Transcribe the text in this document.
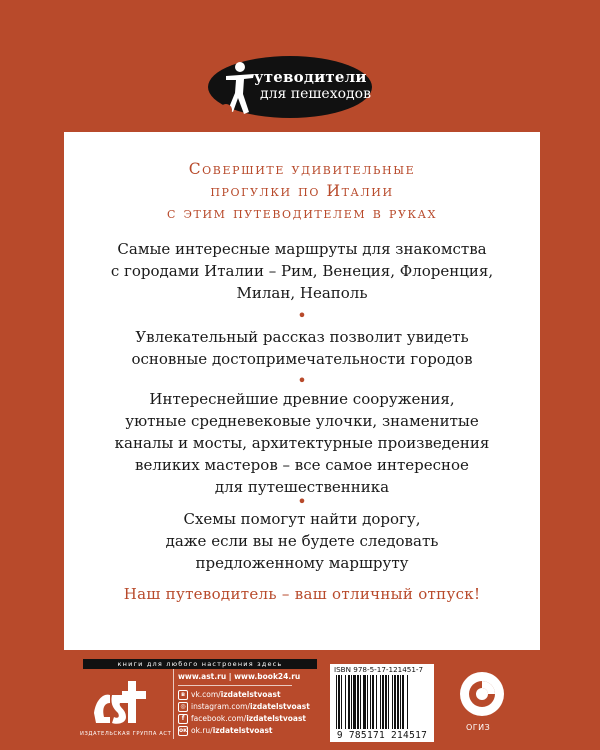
утеводители
для пешеходов
Совершите удивительные
прогулки по Италии
с этим путеводителем в руках
Самые интересные маршруты для знакомства
с городами Италии – Рим, Венеция, Флоренция,
Милан, Неаполь
•
Увлекательный рассказ позволит увидеть
основные достопримечательности городов
•
Интереснейшие древние сооружения,
уютные средневековые улочки, знаменитые
каналы и мосты, архитектурные произведения
великих мастеров – все самое интересное
для путешественника
•
Схемы помогут найти дорогу,
даже если вы не будете следовать
предложенному маршруту
Наш путеводитель – ваш отличный отпуск!
книги для любого настроения здесь
ИЗДАТЕЛЬСКАЯ ГРУППА АСТ
www.ast.ru | www.book24.ru
в vk.com/izdatelstvoast
◎ instagram.com/izdatelstvoast
f facebook.com/izdatelstvoast
ок ok.ru/izdatelstvoast
ISBN 978-5-17-121451-7
9 785171 214517
ОГИЗ
